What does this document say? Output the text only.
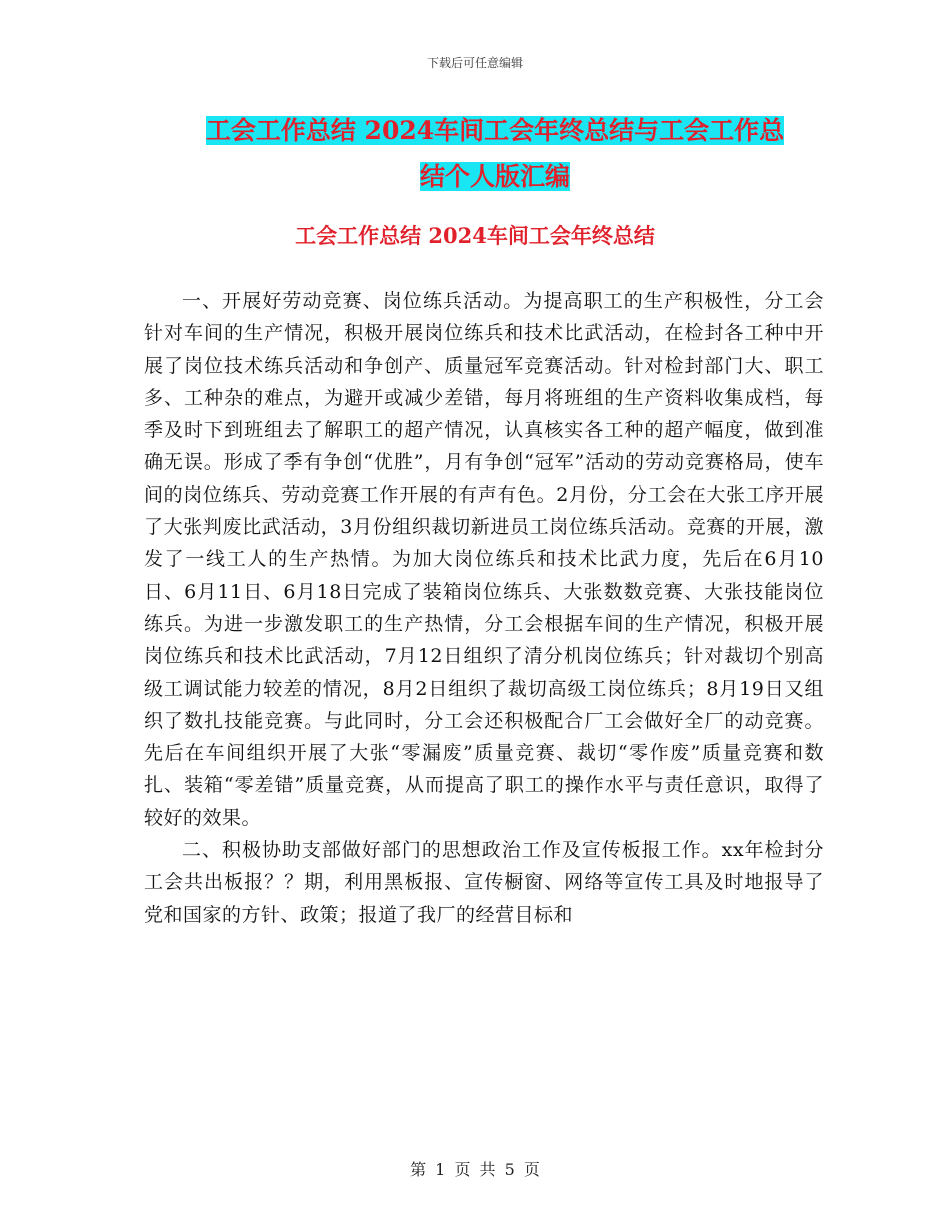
下载后可任意编辑
工会工作总结 2024车间工会年终总结与工会工作总
结个人版汇编
工会工作总结 2024车间工会年终总结

一、开展好劳动竞赛、岗位练兵活动。为提高职工的生产积极性，分工会针对车间的生产情况，积极开展岗位练兵和技术比武活动，在检封各工种中开展了岗位技术练兵活动和争创产、质量冠军竞赛活动。针对检封部门大、职工多、工种杂的难点，为避开或减少差错，每月将班组的生产资料收集成档，每季及时下到班组去了解职工的超产情况，认真核实各工种的超产幅度，做到准确无误。形成了季有争创“优胜”，月有争创“冠军”活动的劳动竞赛格局，使车间的岗位练兵、劳动竞赛工作开展的有声有色。2月份，分工会在大张工序开展了大张判废比武活动，3月份组织裁切新进员工岗位练兵活动。竞赛的开展，激发了一线工人的生产热情。为加大岗位练兵和技术比武力度，先后在6月10日、6月11日、6月18日完成了装箱岗位练兵、大张数数竞赛、大张技能岗位练兵。为进一步激发职工的生产热情，分工会根据车间的生产情况，积极开展岗位练兵和技术比武活动，7月12日组织了清分机岗位练兵；针对裁切个别高级工调试能力较差的情况，8月2日组织了裁切高级工岗位练兵；8月19日又组织了数扎技能竞赛。与此同时，分工会还积极配合厂工会做好全厂的动竞赛。先后在车间组织开展了大张“零漏废”质量竞赛、裁切“零作废”质量竞赛和数扎、装箱“零差错”质量竞赛，从而提高了职工的操作水平与责任意识，取得了较好的效果。

二、积极协助支部做好部门的思想政治工作及宣传板报工作。xx年检封分工会共出板报？？期，利用黑板报、宣传橱窗、网络等宣传工具及时地报导了党和国家的方针、政策；报道了我厂的经营目标和

第 1 页 共 5 页
